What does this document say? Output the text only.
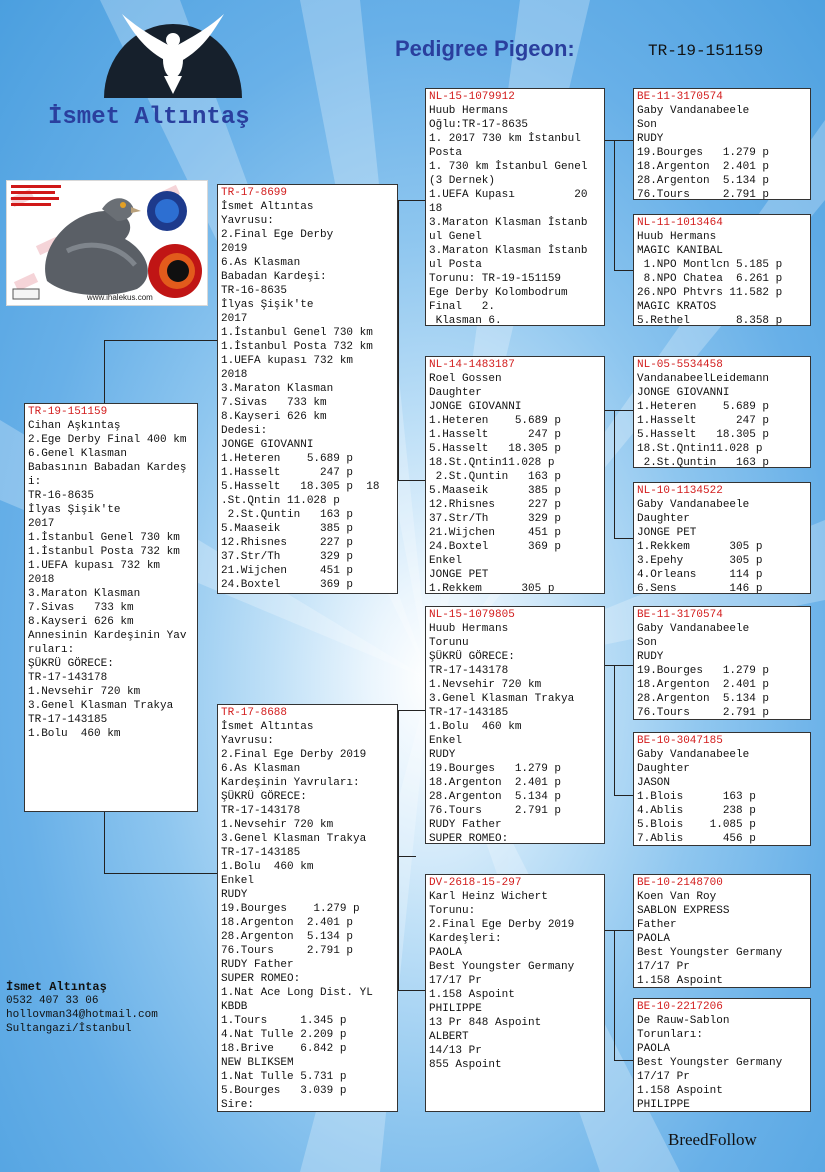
Pedigree Pigeon:	TR-19-151159
İsmet Altıntaş
www.ihalekus.com
TR-19-151159
Cihan Aşkıntaş
2.Ege Derby Final 400 km
6.Genel Klasman
Babasının Babadan Kardeş
i:
TR-16-8635
İlyas Şişik'te
2017
1.İstanbul Genel 730 km
1.İstanbul Posta 732 km
1.UEFA kupası 732 km
2018
3.Maraton Klasman
7.Sivas   733 km
8.Kayseri 626 km
Annesinin Kardeşinin Yav
ruları:
ŞÜKRÜ GÖRECE:
TR-17-143178
1.Nevsehir 720 km
3.Genel Klasman Trakya
TR-17-143185
1.Bolu  460 km
TR-17-8699
İsmet Altıntas
Yavrusu:
2.Final Ege Derby
2019
6.As Klasman
Babadan Kardeşi:
TR-16-8635
İlyas Şişik'te
2017
1.İstanbul Genel 730 km
1.İstanbul Posta 732 km
1.UEFA kupası 732 km
2018
3.Maraton Klasman
7.Sivas   733 km
8.Kayseri 626 km
Dedesi:
JONGE GIOVANNI
1.Heteren    5.689 p
1.Hasselt      247 p
5.Hasselt   18.305 p  18
.St.Qntin 11.028 p
2.St.Quntin   163 p
5.Maaseik      385 p
12.Rhisnes     227 p
37.Str/Th      329 p
21.Wijchen     451 p
24.Boxtel      369 p
TR-17-8688
İsmet Altıntas
Yavrusu:
2.Final Ege Derby 2019
6.As Klasman
Kardeşinin Yavruları:
ŞÜKRÜ GÖRECE:
TR-17-143178
1.Nevsehir 720 km
3.Genel Klasman Trakya
TR-17-143185
1.Bolu  460 km
Enkel
RUDY
19.Bourges    1.279 p
18.Argenton  2.401 p
28.Argenton  5.134 p
76.Tours     2.791 p
RUDY Father
SUPER ROMEO:
1.Nat Ace Long Dist. YL
KBDB
1.Tours     1.345 p
4.Nat Tulle 2.209 p
18.Brive    6.842 p
NEW BLIKSEM
1.Nat Tulle 5.731 p
5.Bourges   3.039 p
Sire:
NL-15-1079912
Huub Hermans
Oğlu:TR-17-8635
1. 2017 730 km İstanbul
Posta
1. 730 km İstanbul Genel
(3 Dernek)
1.UEFA Kupası         20
18
3.Maraton Klasman İstanb
ul Genel
3.Maraton Klasman İstanb
ul Posta
Torunu: TR-19-151159
Ege Derby Kolombodrum
Final   2.
Klasman 6.
NL-14-1483187
Roel Gossen
Daughter
JONGE GIOVANNI
1.Heteren    5.689 p
1.Hasselt      247 p
5.Hasselt   18.305 p
18.St.Qntin11.028 p
2.St.Quntin   163 p
5.Maaseik      385 p
12.Rhisnes     227 p
37.Str/Th      329 p
21.Wijchen     451 p
24.Boxtel      369 p
Enkel
JONGE PET
1.Rekkem      305 p
NL-15-1079805
Huub Hermans
Torunu
ŞÜKRÜ GÖRECE:
TR-17-143178
1.Nevsehir 720 km
3.Genel Klasman Trakya
TR-17-143185
1.Bolu  460 km
Enkel
RUDY
19.Bourges   1.279 p
18.Argenton  2.401 p
28.Argenton  5.134 p
76.Tours     2.791 p
RUDY Father
SUPER ROMEO:
DV-2618-15-297
Karl Heinz Wichert
Torunu:
2.Final Ege Derby 2019
Kardeşleri:
PAOLA
Best Youngster Germany
17/17 Pr
1.158 Aspoint
PHILIPPE
13 Pr 848 Aspoint
ALBERT
14/13 Pr
855 Aspoint
BE-11-3170574
Gaby Vandanabeele
Son
RUDY
19.Bourges   1.279 p
18.Argenton  2.401 p
28.Argenton  5.134 p
76.Tours     2.791 p
NL-11-1013464
Huub Hermans
MAGIC KANIBAL
1.NPO Montlcn 5.185 p
8.NPO Chatea  6.261 p
26.NPO Phtvrs 11.582 p
MAGIC KRATOS
5.Rethel       8.358 p
NL-05-5534458
VandanabeelLeidemann
JONGE GIOVANNI
1.Heteren    5.689 p
1.Hasselt      247 p
5.Hasselt   18.305 p
18.St.Qntin11.028 p
2.St.Quntin   163 p
NL-10-1134522
Gaby Vandanabeele
Daughter
JONGE PET
1.Rekkem      305 p
3.Epehy       305 p
4.Orleans     114 p
6.Sens        146 p
BE-11-3170574
Gaby Vandanabeele
Son
RUDY
19.Bourges   1.279 p
18.Argenton  2.401 p
28.Argenton  5.134 p
76.Tours     2.791 p
BE-10-3047185
Gaby Vandanabeele
Daughter
JASON
1.Blois      163 p
4.Ablis      238 p
5.Blois    1.085 p
7.Ablis      456 p
BE-10-2148700
Koen Van Roy
SABLON EXPRESS
Father
PAOLA
Best Youngster Germany
17/17 Pr
1.158 Aspoint
BE-10-2217206
De Rauw-Sablon
Torunları:
PAOLA
Best Youngster Germany
17/17 Pr
1.158 Aspoint
PHILIPPE
İsmet Altıntaş
0532 407 33 06
hollovman34@hotmail.com
Sultangazi/İstanbul
BreedFollow
